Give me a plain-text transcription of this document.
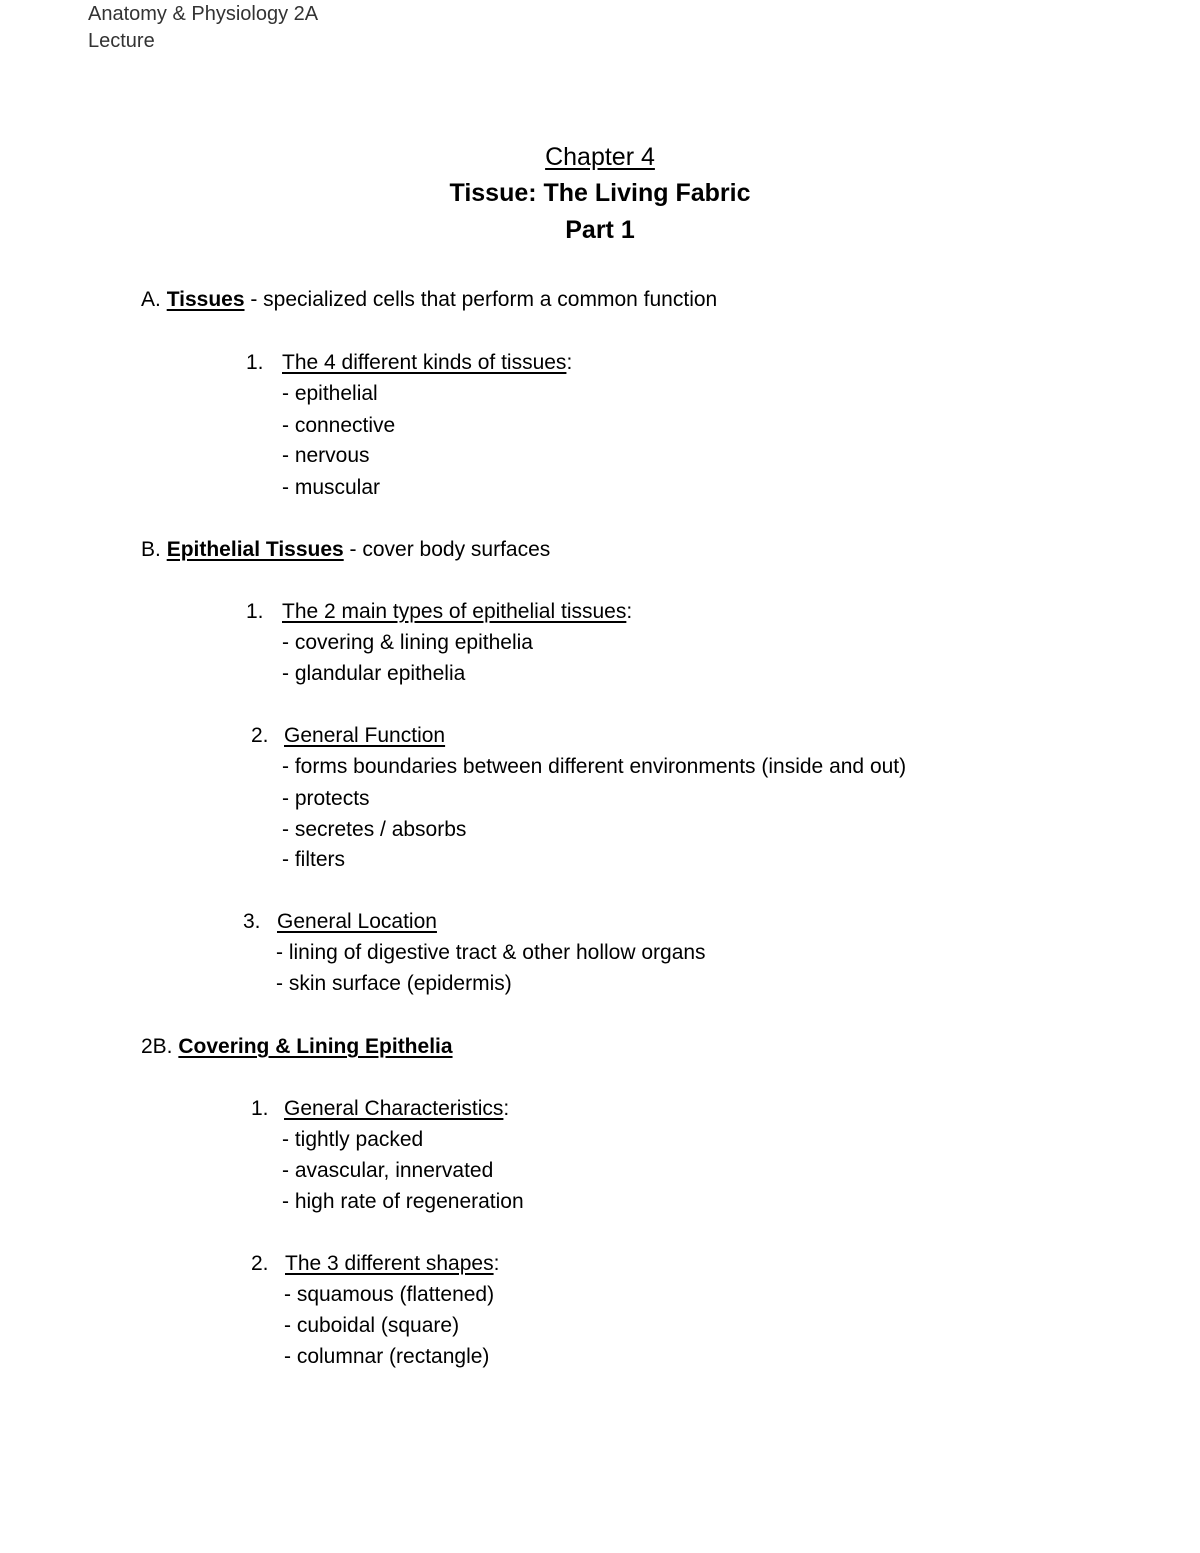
Anatomy & Physiology 2A

Lecture

Chapter 4

Tissue: The Living Fabric

Part 1

A. Tissues - specialized cells that perform a common function

1. The 4 different kinds of tissues:

- epithelial

- connective

- nervous

- muscular

B. Epithelial Tissues - cover body surfaces

1. The 2 main types of epithelial tissues:

- covering & lining epithelia

- glandular epithelia

2. General Function

- forms boundaries between different environments (inside and out)

- protects

- secretes / absorbs

- filters

3. General Location

- lining of digestive tract & other hollow organs

- skin surface (epidermis)

2B. Covering & Lining Epithelia

1. General Characteristics:

- tightly packed

- avascular, innervated

- high rate of regeneration

2. The 3 different shapes:

- squamous (flattened)

- cuboidal (square)

- columnar (rectangle)
